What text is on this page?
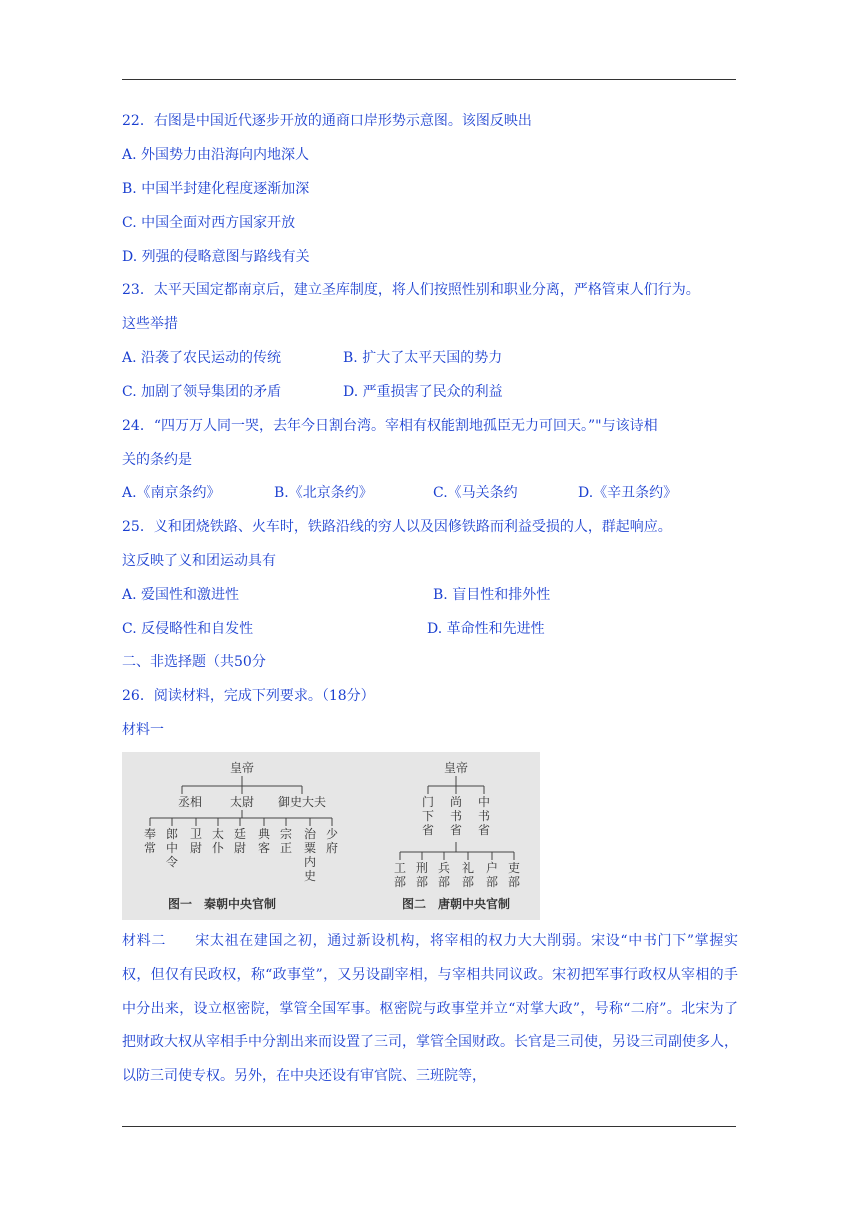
22．右图是中国近代逐步开放的通商口岸形势示意图。该图反映出
A. 外国势力由沿海向内地深人
B. 中国半封建化程度逐渐加深
C. 中国全面对西方国家开放
D. 列强的侵略意图与路线有关
23．太平天国定都南京后，建立圣库制度，将人们按照性别和职业分离，严格管束人们行为。
这些举措
A. 沿袭了农民运动的传统	B. 扩大了太平天国的势力
C. 加剧了领导集团的矛盾	D. 严重损害了民众的利益
24．“四万万人同一哭，去年今日割台湾。宰相有权能割地孤臣无力可回天。”"与该诗相
关的条约是
A.《南京条约》	B.《北京条约》	C.《马关条约	D.《辛丑条约》
25．义和团烧铁路、火车时，铁路沿线的穷人以及因修铁路而利益受损的人，群起响应。
这反映了义和团运动具有
A. 爱国性和激进性	B. 盲目性和排外性
C. 反侵略性和自发性	D. 革命性和先进性
二、非选择题（共50分
26．阅读材料，完成下列要求。（18分）
材料一
皇帝
丞相 太尉 御史大夫
奉常
郎中令
卫尉
太仆
廷尉
典客
宗正
治粟内史
少府
图一　秦朝中央官制
皇帝
门下省
尚书省
中书省
工部
刑部
兵部
礼部
户部
吏部
图二　唐朝中央官制
材料二　　宋太祖在建国之初，通过新设机构，将宰相的权力大大削弱。宋设“中书门下”掌握实权，但仅有民政权，称“政事堂”，又另设副宰相，与宰相共同议政。宋初把军事行政权从宰相的手中分出来，设立枢密院，掌管全国军事。枢密院与政事堂并立“对掌大政”，号称“二府”。北宋为了把财政大权从宰相手中分割出来而设置了三司，掌管全国财政。长官是三司使，另设三司副使多人，以防三司使专权。另外，在中央还设有审官院、三班院等，
